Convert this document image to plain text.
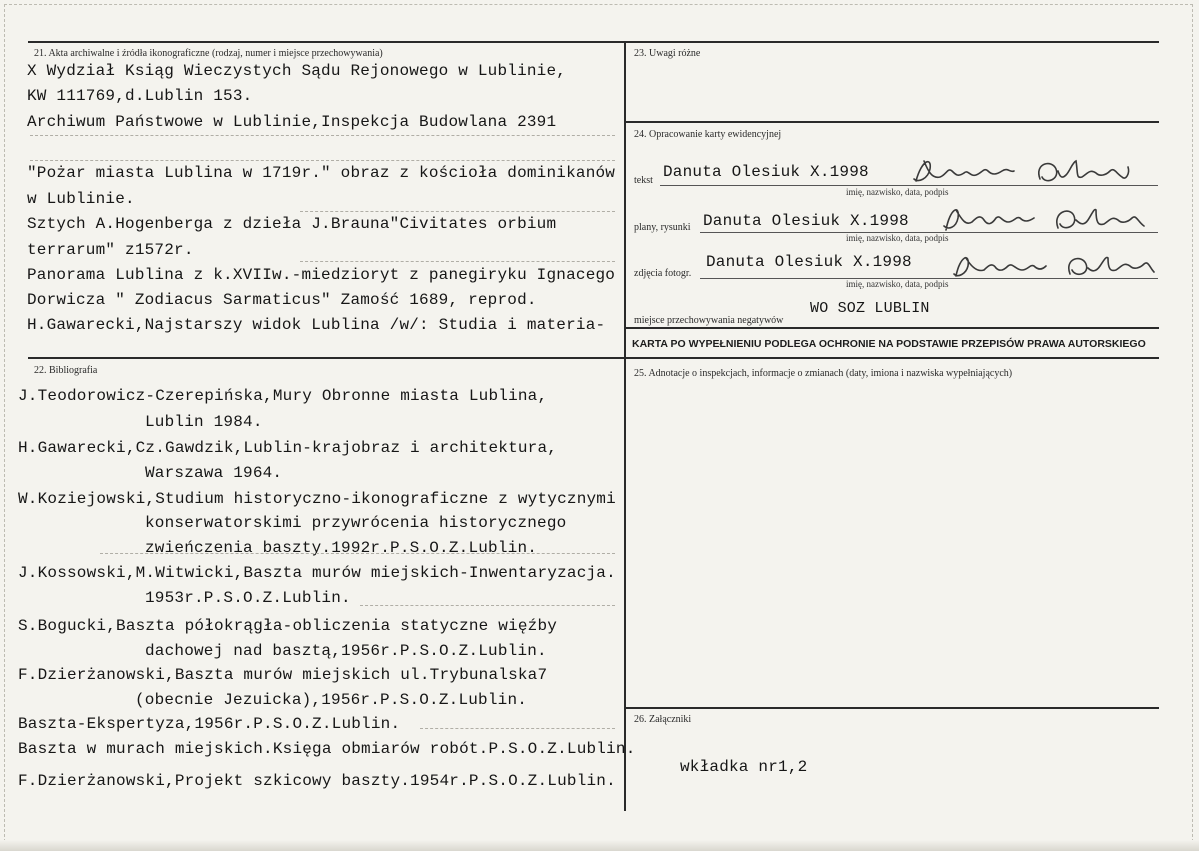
21. Akta archiwalne i źródła ikonograficzne (rodzaj, numer i miejsce przechowywania)
X Wydział Ksiąg Wieczystych Sądu Rejonowego w Lublinie,
KW 111769,d.Lublin 153.
Archiwum Państwowe w Lublinie,Inspekcja Budowlana 2391
"Pożar miasta Lublina w 1719r." obraz z kościoła dominikanów
w Lublinie.
Sztych A.Hogenberga z dzieła J.Brauna"Civitates orbium
terrarum" z1572r.
Panorama Lublina z k.XVIIw.-miedzioryt z panegiryku Ignacego
Dorwicza " Zodiacus Sarmaticus" Zamość 1689, reprod.
H.Gawarecki,Najstarszy widok Lublina /w/: Studia i materia-
22. Bibliografia
J.Teodorowicz-Czerepińska,Mury Obronne miasta Lublina,
Lublin 1984.
H.Gawarecki,Cz.Gawdzik,Lublin-krajobraz i architektura,
Warszawa 1964.
W.Koziejowski,Studium historyczno-ikonograficzne z wytycznymi
konserwatorskimi przywrócenia historycznego
zwieńczenia baszty.1992r.P.S.O.Z.Lublin.
J.Kossowski,M.Witwicki,Baszta murów miejskich-Inwentaryzacja.
1953r.P.S.O.Z.Lublin.
S.Bogucki,Baszta półokrągła-obliczenia statyczne więźby
dachowej nad basztą,1956r.P.S.O.Z.Lublin.
F.Dzierżanowski,Baszta murów miejskich ul.Trybunalska7
(obecnie Jezuicka),1956r.P.S.O.Z.Lublin.
Baszta-Ekspertyza,1956r.P.S.O.Z.Lublin.
Baszta w murach miejskich.Księga obmiarów robót.P.S.O.Z.Lublin.
F.Dzierżanowski,Projekt szkicowy baszty.1954r.P.S.O.Z.Lublin.
23. Uwagi różne
24. Opracowanie karty ewidencyjnej
tekst Danuta Olesiuk X.1998
imię, nazwisko, data, podpis
plany, rysunki Danuta Olesiuk X.1998
imię, nazwisko, data, podpis
zdjęcia fotogr.
Danuta Olesiuk X.1998
imię, nazwisko, data, podpis
miejsce przechowywania negatywów
WO SOZ LUBLIN
KARTA PO WYPEŁNIENIU PODLEGA OCHRONIE NA PODSTAWIE PRZEPISÓW PRAWA AUTORSKIEGO
25. Adnotacje o inspekcjach, informacje o zmianach (daty, imiona i nazwiska wypełniających)
26. Załączniki
wkładka nr1,2
